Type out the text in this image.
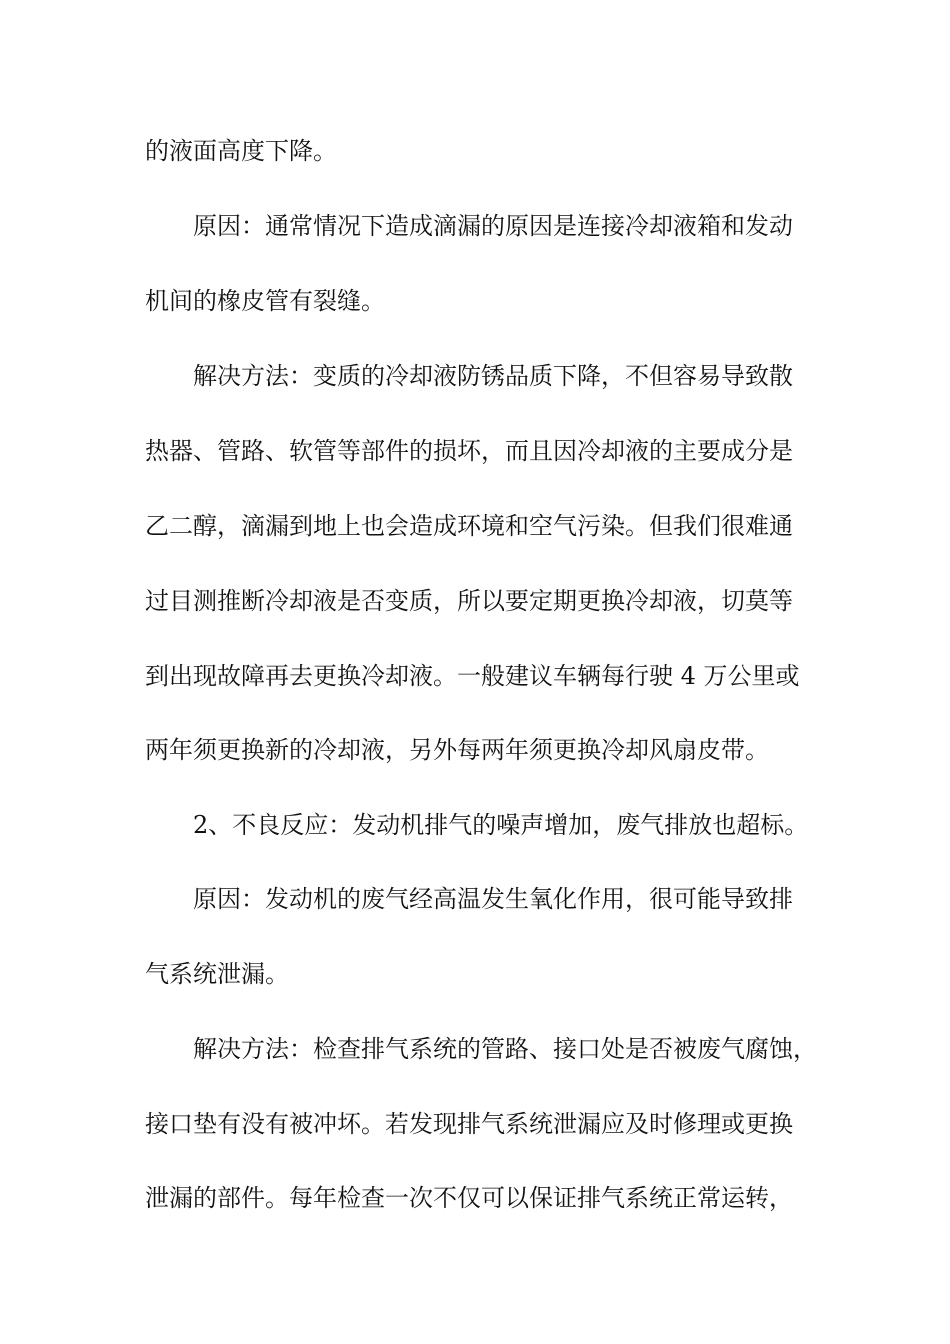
的液面高度下降。
原因：通常情况下造成滴漏的原因是连接冷却液箱和发动
机间的橡皮管有裂缝。
解决方法：变质的冷却液防锈品质下降，不但容易导致散
热器、管路、软管等部件的损坏，而且因冷却液的主要成分是
乙二醇，滴漏到地上也会造成环境和空气污染。但我们很难通
过目测推断冷却液是否变质，所以要定期更换冷却液，切莫等
到出现故障再去更换冷却液。一般建议车辆每行驶 4 万公里或
两年须更换新的冷却液，另外每两年须更换冷却风扇皮带。
2、不良反应：发动机排气的噪声增加，废气排放也超标。
原因：发动机的废气经高温发生氧化作用，很可能导致排
气系统泄漏。
解决方法：检查排气系统的管路、接口处是否被废气腐蚀，
接口垫有没有被冲坏。若发现排气系统泄漏应及时修理或更换
泄漏的部件。每年检查一次不仅可以保证排气系统正常运转，
